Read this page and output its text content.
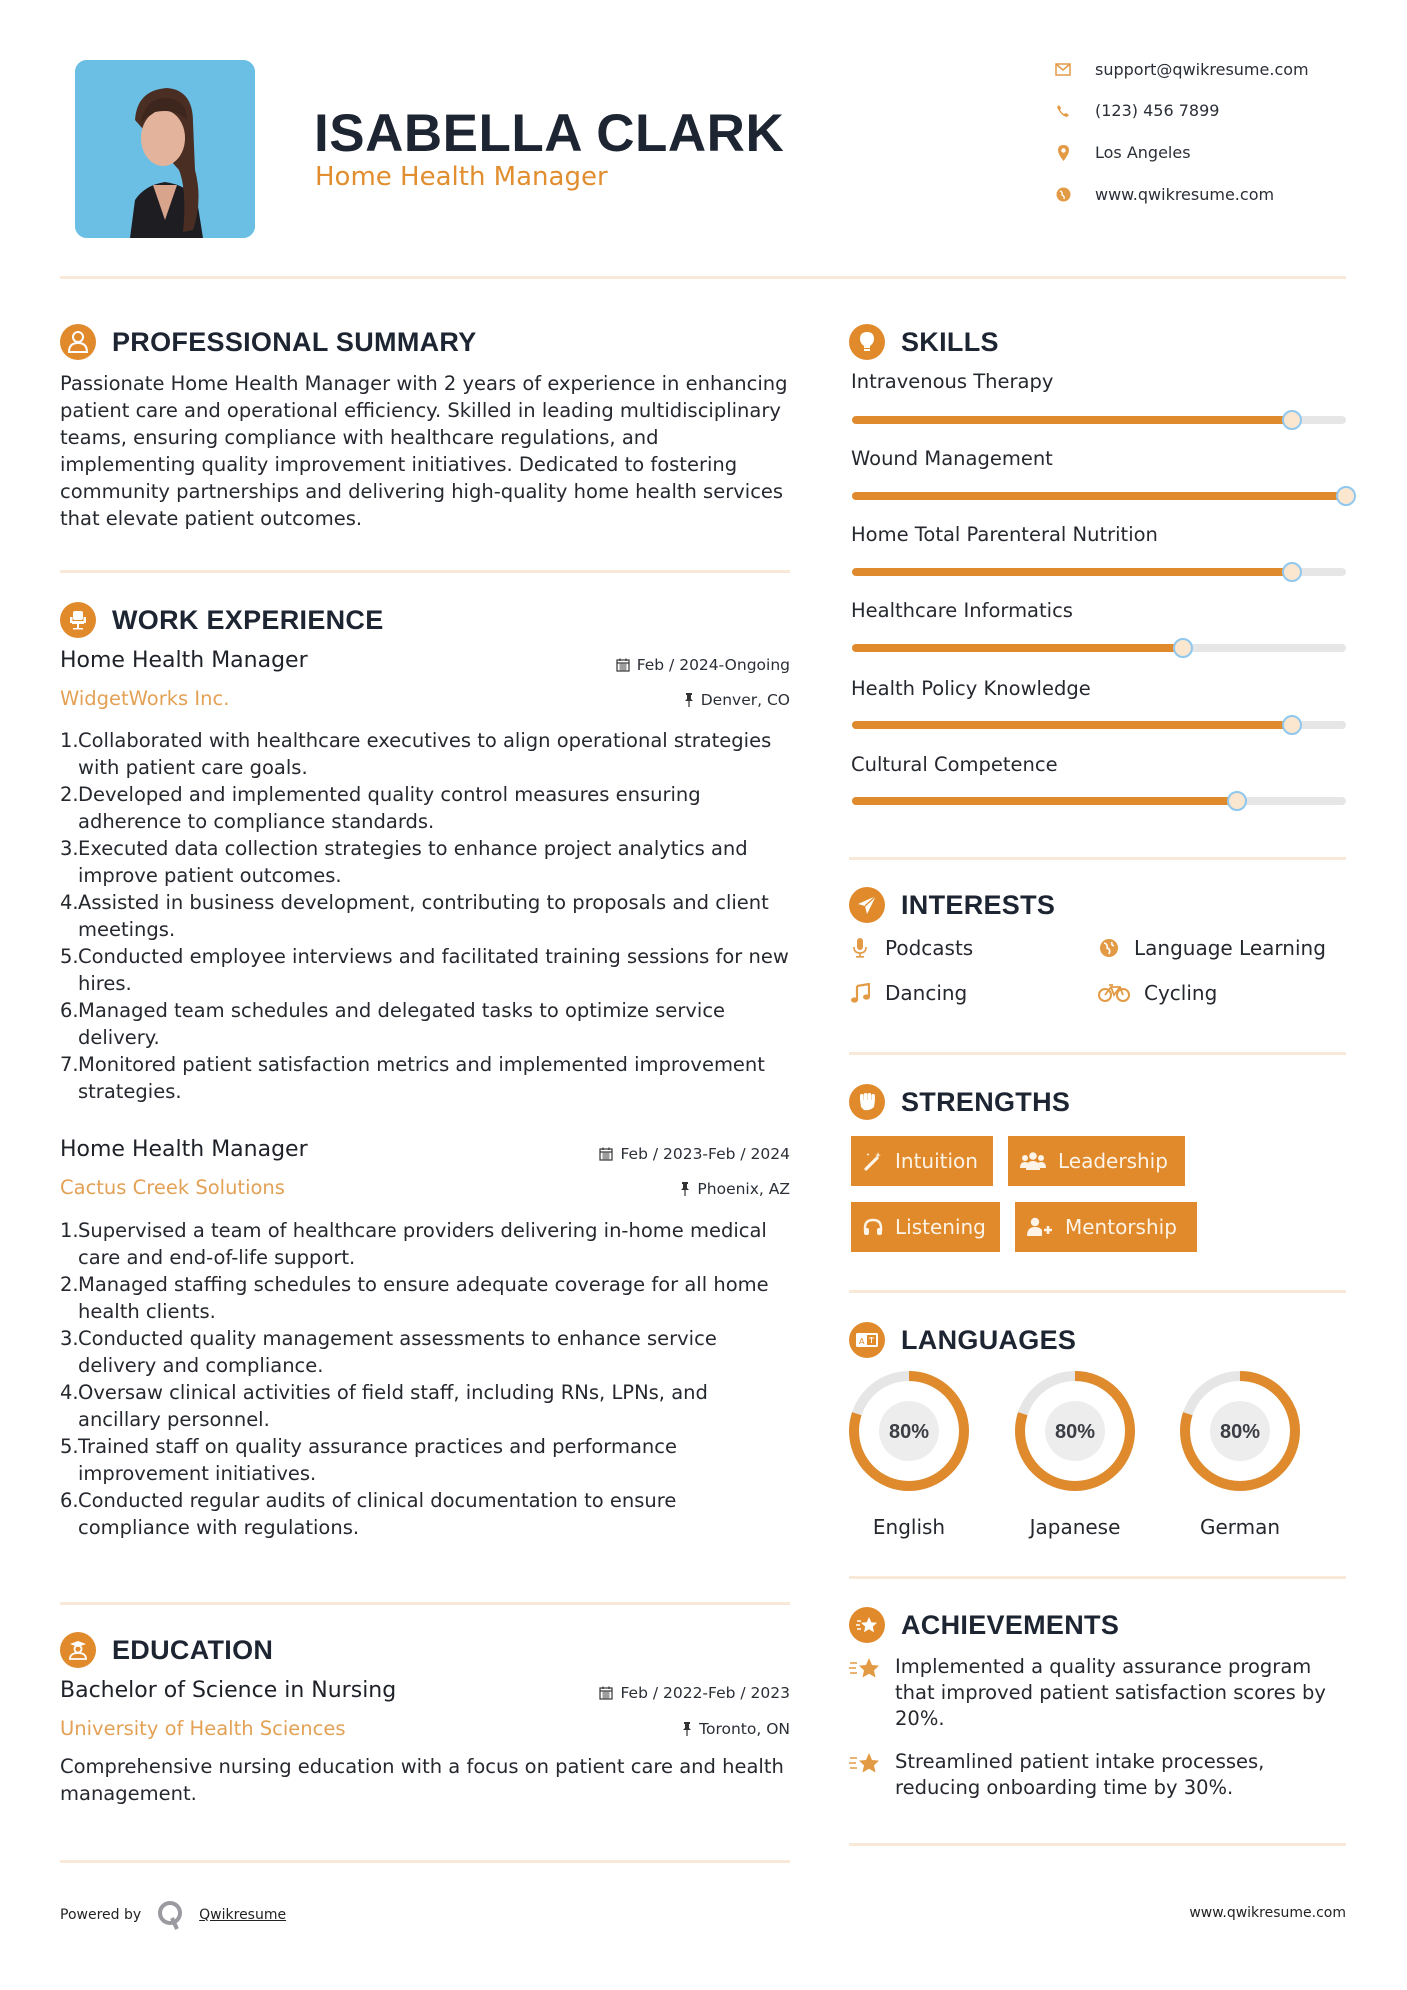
ISABELLA CLARK
Home Health Manager
support@qwikresume.com
(123) 456 7899
Los Angeles
www.qwikresume.com
PROFESSIONAL SUMMARY
Passionate Home Health Manager with 2 years of experience in enhancing patient care and operational efficiency. Skilled in leading multidisciplinary teams, ensuring compliance with healthcare regulations, and implementing quality improvement initiatives. Dedicated to fostering community partnerships and delivering high-quality home health services that elevate patient outcomes.
WORK EXPERIENCE
Home Health Manager	Feb / 2024-Ongoing
WidgetWorks Inc.	Denver, CO
1. Collaborated with healthcare executives to align operational strategies with patient care goals.
2. Developed and implemented quality control measures ensuring adherence to compliance standards.
3. Executed data collection strategies to enhance project analytics and improve patient outcomes.
4. Assisted in business development, contributing to proposals and client meetings.
5. Conducted employee interviews and facilitated training sessions for new hires.
6. Managed team schedules and delegated tasks to optimize service delivery.
7. Monitored patient satisfaction metrics and implemented improvement strategies.
Home Health Manager	Feb / 2023-Feb / 2024
Cactus Creek Solutions	Phoenix, AZ
1. Supervised a team of healthcare providers delivering in-home medical care and end-of-life support.
2. Managed staffing schedules to ensure adequate coverage for all home health clients.
3. Conducted quality management assessments to enhance service delivery and compliance.
4. Oversaw clinical activities of field staff, including RNs, LPNs, and ancillary personnel.
5. Trained staff on quality assurance practices and performance improvement initiatives.
6. Conducted regular audits of clinical documentation to ensure compliance with regulations.
EDUCATION
Bachelor of Science in Nursing	Feb / 2022-Feb / 2023
University of Health Sciences	Toronto, ON
Comprehensive nursing education with a focus on patient care and health management.
SKILLS
Intravenous Therapy
Wound Management
Home Total Parenteral Nutrition
Healthcare Informatics
Health Policy Knowledge
Cultural Competence
INTERESTS
Podcasts	Language Learning
Dancing	Cycling
STRENGTHS
Intuition	Leadership
Listening	Mentorship
A LANGUAGES
80%
English
80%
Japanese
80%
German
ACHIEVEMENTS
Implemented a quality assurance program that improved patient satisfaction scores by 20%.
Streamlined patient intake processes, reducing onboarding time by 30%.
Powered by	Qwikresume	www.qwikresume.com
